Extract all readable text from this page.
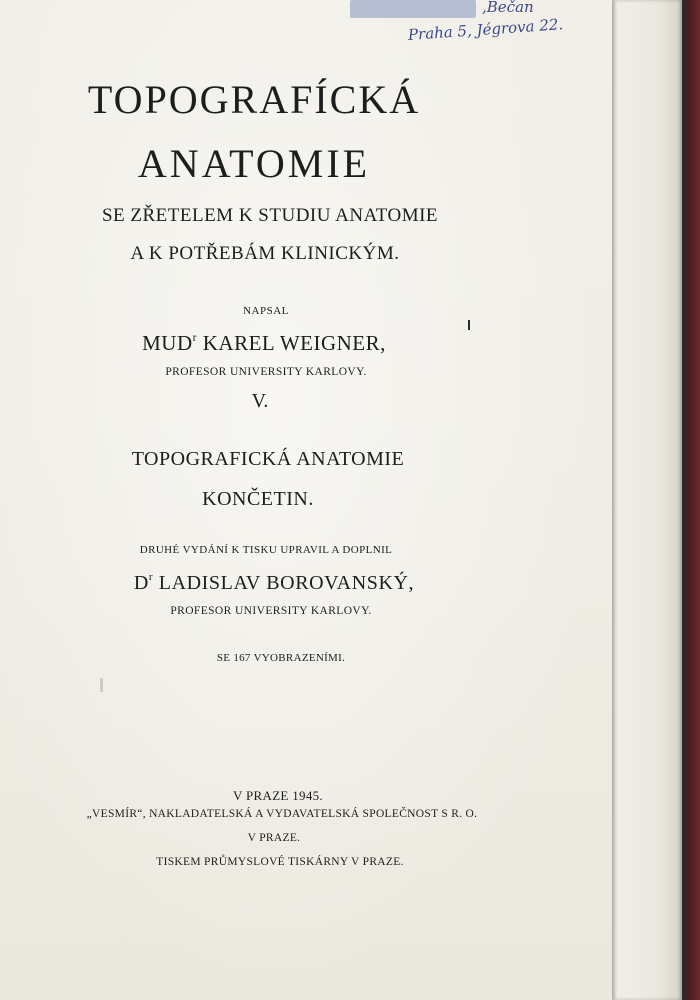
,Bečan
Praha 5, Jégrova 22.
TOPOGRAFÍCKÁ
ANATOMIE

SE ZŘETELEM K STUDIU ANATOMIE

A K POTŘEBÁM KLINICKÝM.

NAPSAL

MUD$^r$ KAREL WEIGNER,

PROFESOR UNIVERSITY KARLOVY.

V.

TOPOGRAFICKÁ ANATOMIE

KONČETIN.

DRUHÉ VYDÁNÍ K TISKU UPRAVIL A DOPLNIL

$D^r$ LADISLAV BOROVANSKÝ,

PROFESOR UNIVERSITY KARLOVY.

SE 167 VYOBRAZENÍMI.

V PRAZE 1945.

„VESMÍR“, NAKLADATELSKÁ A VYDAVATELSKÁ SPOLEČNOST S R. O.

V PRAZE.

TISKEM PRŮMYSLOVÉ TISKÁRNY V PRAZE.
